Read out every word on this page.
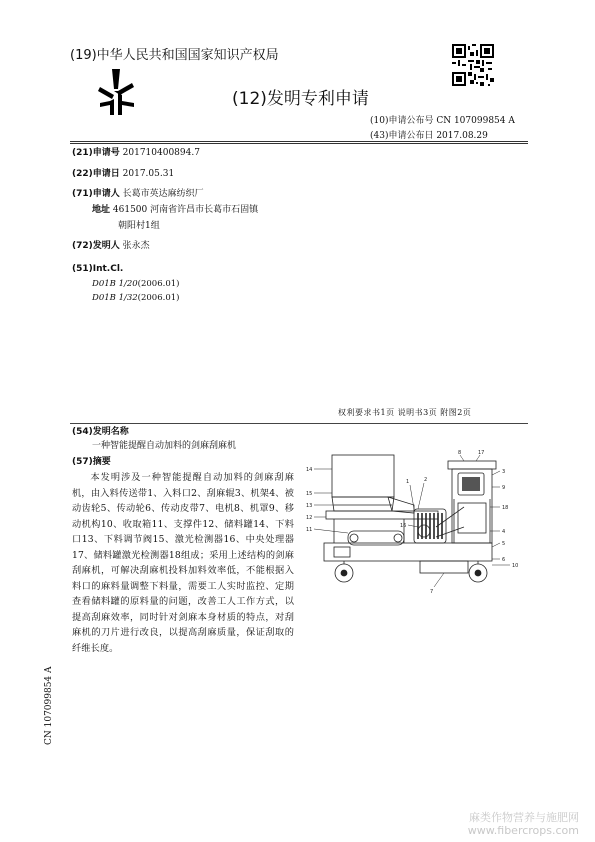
(19)中华人民共和国国家知识产权局
(12)发明专利申请
(10)申请公布号 CN 107099854 A
(43)申请公布日 2017.08.29
(21)申请号 201710400894.7
(22)申请日 2017.05.31
(71)申请人 长葛市英达麻纺织厂
地址 461500 河南省许昌市长葛市石固镇
朝阳村1组
(72)发明人 张永杰
(51)Int.Cl.
D01B 1/20(2006.01)
D01B 1/32(2006.01)
权利要求书1页 说明书3页 附图2页
(54)发明名称
一种智能提醒自动加料的剑麻刮麻机
(57)摘要
本发明涉及一种智能提醒自动加料的剑麻刮麻机，由入料传送带1、入料口2、刮麻辊3、机架4、被动齿轮5、传动轮6、传动皮带7、电机8、机罩9、移动机构10、收取箱11、支撑件12、储料罐14、下料口13、下料调节阀15、激光检测器16、中央处理器17、储料罐激光检测器18组成；采用上述结构的剑麻刮麻机，可解决刮麻机投料加料效率低，不能根据入料口的麻料量调整下料量，需要工人实时监控、定期查看储料罐的原料量的问题，改善工人工作方式，以提高刮麻效率，同时针对剑麻本身材质的特点，对刮麻机的刀片进行改良，以提高刮麻质量，保证刮取的纤维长度。
14
15
13
12
11
1	2
16
3
9
8	17
18
4
5
6
7
10
CN 107099854 A
麻类作物营养与施肥网
www.fibercrops.com
